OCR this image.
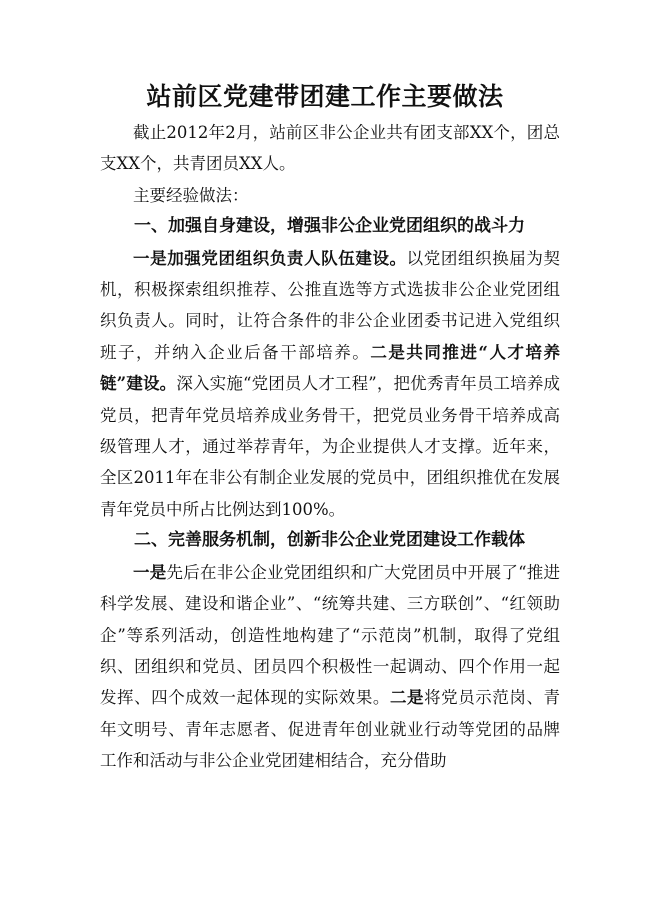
站前区党建带团建工作主要做法

截止2012年2月，站前区非公企业共有团支部XX个，团总支XX个，共青团员XX人。

主要经验做法：

一、加强自身建设，增强非公企业党团组织的战斗力

一是加强党团组织负责人队伍建设。以党团组织换届为契机，积极探索组织推荐、公推直选等方式选拔非公企业党团组织负责人。同时，让符合条件的非公企业团委书记进入党组织班子，并纳入企业后备干部培养。二是共同推进“人才培养链”建设。深入实施“党团员人才工程”，把优秀青年员工培养成党员，把青年党员培养成业务骨干，把党员业务骨干培养成高级管理人才，通过举荐青年，为企业提供人才支撑。近年来，全区2011年在非公有制企业发展的党员中，团组织推优在发展青年党员中所占比例达到100%。

二、完善服务机制，创新非公企业党团建设工作载体

一是先后在非公企业党团组织和广大党团员中开展了“推进科学发展、建设和谐企业”、“统筹共建、三方联创”、“红领助企”等系列活动，创造性地构建了“示范岗”机制，取得了党组织、团组织和党员、团员四个积极性一起调动、四个作用一起发挥、四个成效一起体现的实际效果。二是将党员示范岗、青年文明号、青年志愿者、促进青年创业就业行动等党团的品牌工作和活动与非公企业党团建相结合，充分借助
